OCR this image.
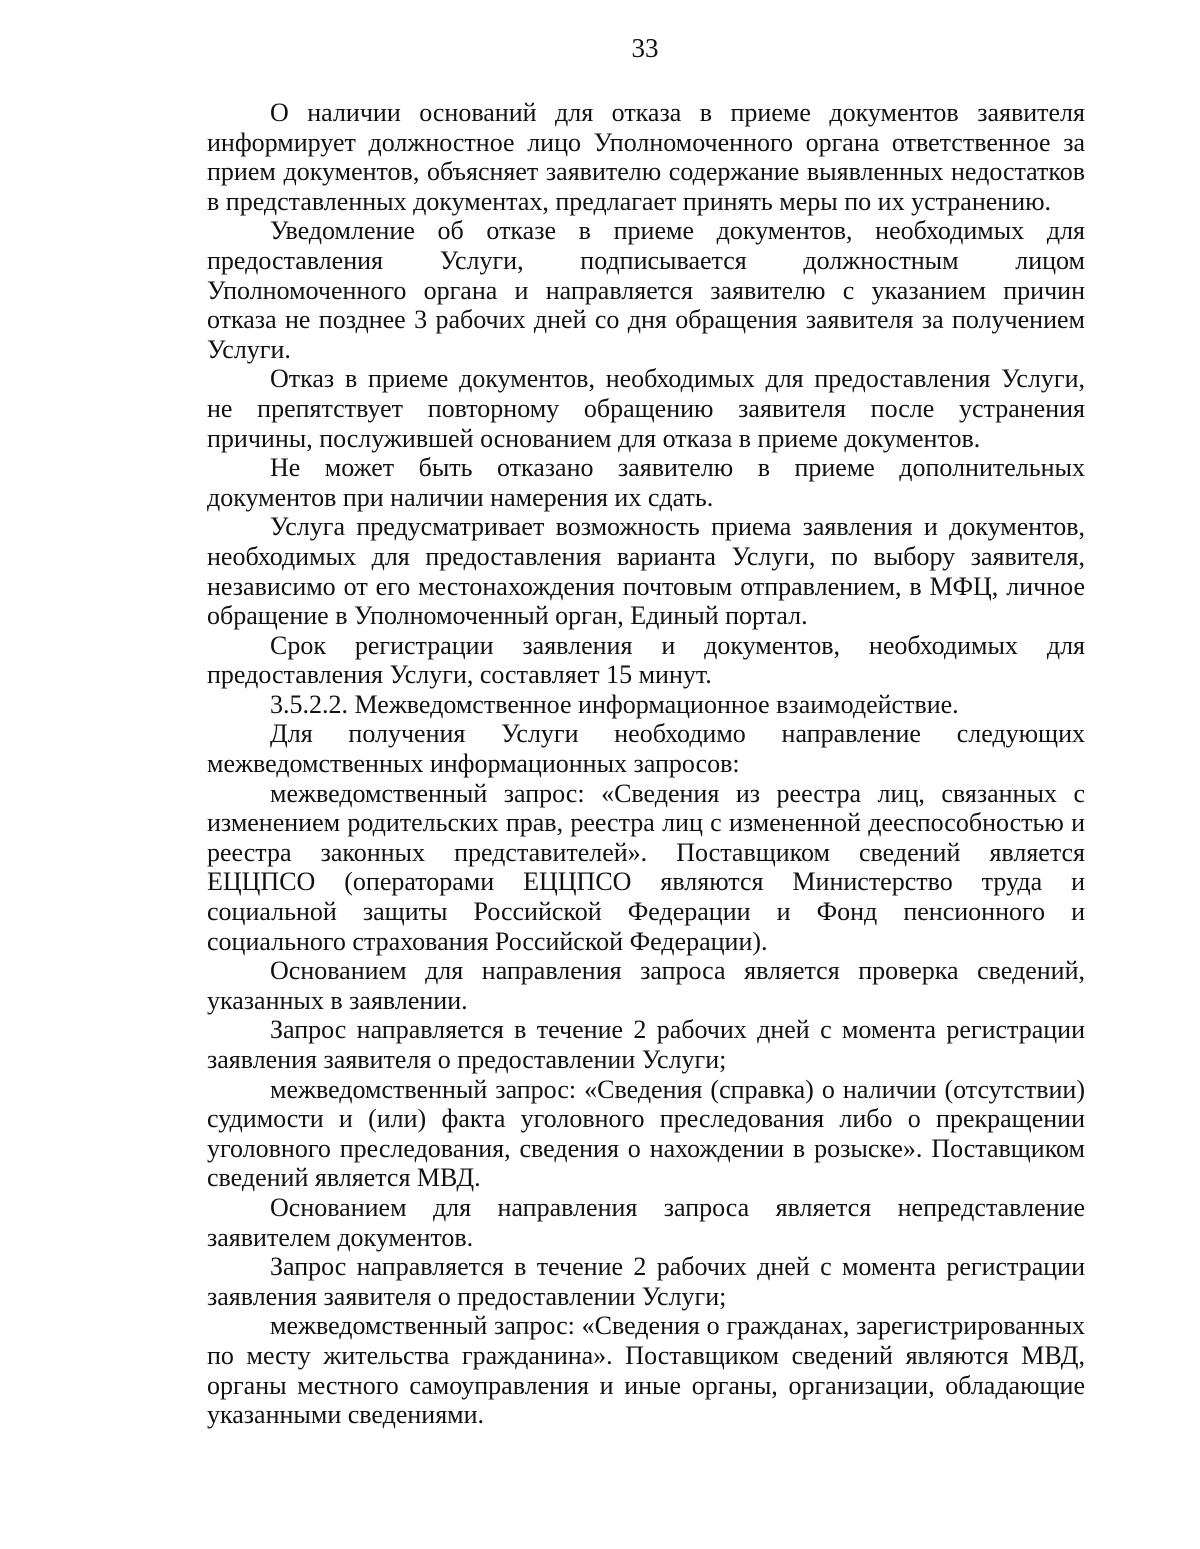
33

О наличии оснований для отказа в приеме документов заявителя информирует должностное лицо Уполномоченного органа ответственное за прием документов, объясняет заявителю содержание выявленных недостатков в представленных документах, предлагает принять меры по их устранению.

Уведомление об отказе в приеме документов, необходимых для предоставления Услуги, подписывается должностным лицом Уполномоченного органа и направляется заявителю с указанием причин отказа не позднее 3 рабочих дней со дня обращения заявителя за получением Услуги.

Отказ в приеме документов, необходимых для предоставления Услуги, не препятствует повторному обращению заявителя после устранения причины, послужившей основанием для отказа в приеме документов.

Не может быть отказано заявителю в приеме дополнительных документов при наличии намерения их сдать.

Услуга предусматривает возможность приема заявления и документов, необходимых для предоставления варианта Услуги, по выбору заявителя, независимо от его местонахождения почтовым отправлением, в МФЦ, личное обращение в Уполномоченный орган, Единый портал.

Срок регистрации заявления и документов, необходимых для предоставления Услуги, составляет 15 минут.

3.5.2.2. Межведомственное информационное взаимодействие.

Для получения Услуги необходимо направление следующих межведомственных информационных запросов:

межведомственный запрос: «Сведения из реестра лиц, связанных с изменением родительских прав, реестра лиц с измененной дееспособностью и реестра законных представителей». Поставщиком сведений является ЕЦЦПСО (операторами ЕЦЦПСО являются Министерство труда и социальной защиты Российской Федерации и Фонд пенсионного и социального страхования Российской Федерации).

Основанием для направления запроса является проверка сведений, указанных в заявлении.

Запрос направляется в течение 2 рабочих дней с момента регистрации заявления заявителя о предоставлении Услуги;

межведомственный запрос: «Сведения (справка) о наличии (отсутствии) судимости и (или) факта уголовного преследования либо о прекращении уголовного преследования, сведения о нахождении в розыске». Поставщиком сведений является МВД.

Основанием для направления запроса является непредставление заявителем документов.

Запрос направляется в течение 2 рабочих дней с момента регистрации заявления заявителя о предоставлении Услуги;

межведомственный запрос: «Сведения о гражданах, зарегистрированных по месту жительства гражданина». Поставщиком сведений являются МВД, органы местного самоуправления и иные органы, организации, обладающие указанными сведениями.
